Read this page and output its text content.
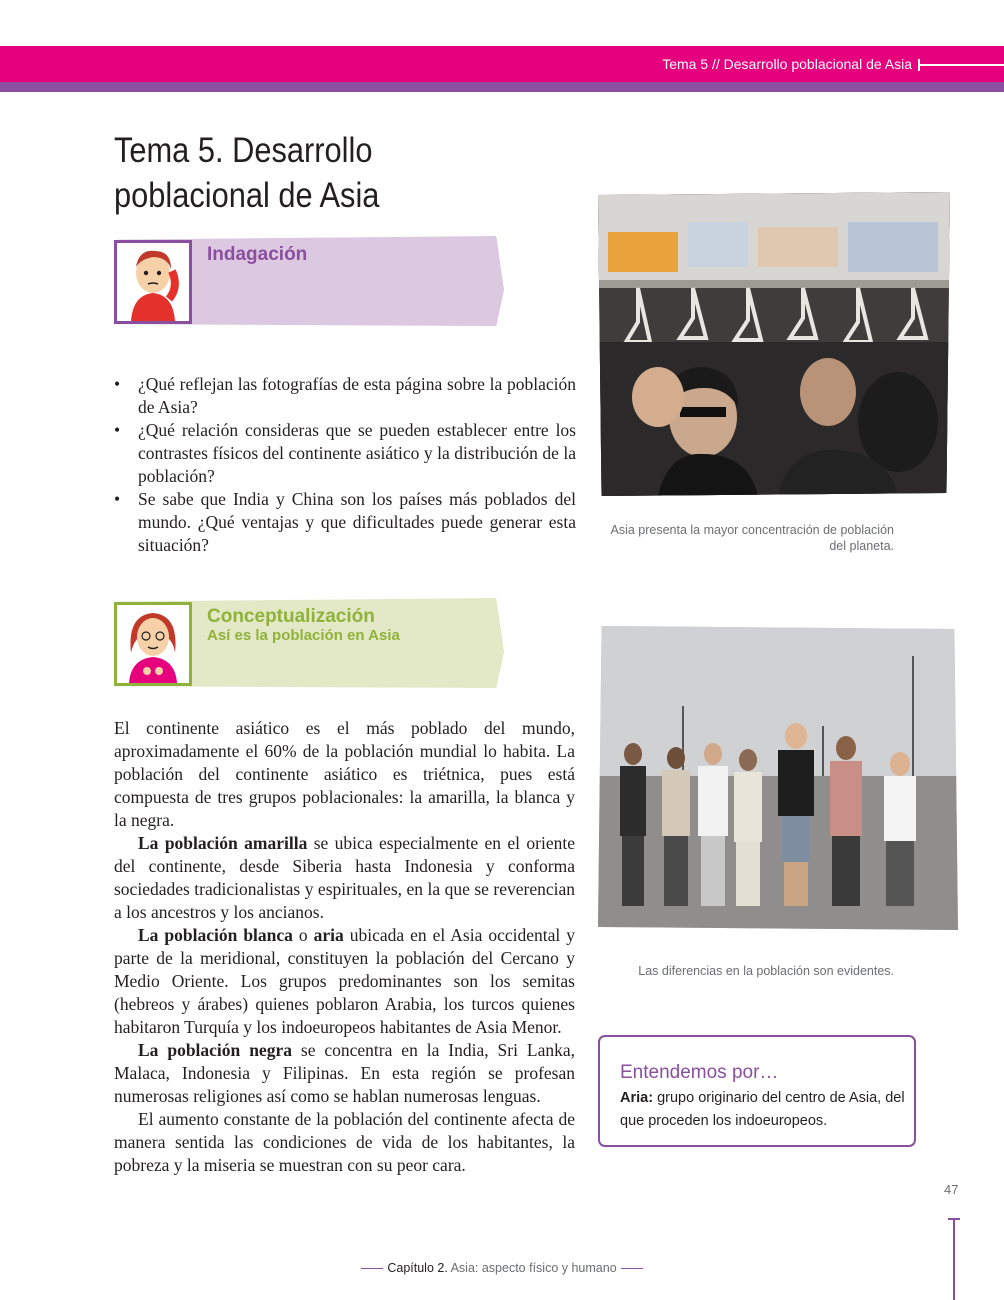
Tema 5 // Desarrollo poblacional de Asia
Tema 5. Desarrollo
poblacional de Asia
Indagación
• ¿Qué reflejan las fotografías de esta página sobre la población de Asia?
• ¿Qué relación consideras que se pueden establecer entre los contrastes físicos del continente asiático y la distribución de la población?
• Se sabe que India y China son los países más poblados del mundo. ¿Qué ventajas y que dificultades puede generar esta situación?
Conceptualización
Así es la población en Asia

El continente asiático es el más poblado del mundo, aproximadamente el 60% de la población mundial lo habita. La población del continente asiático es triétnica, pues está compuesta de tres grupos poblacionales: la amarilla, la blanca y la negra.

La población amarilla se ubica especialmente en el oriente del continente, desde Siberia hasta Indonesia y conforma sociedades tradicionalistas y espirituales, en la que se reverencian a los ancestros y los ancianos.

La población blanca o aria ubicada en el Asia occidental y parte de la meridional, constituyen la población del Cercano y Medio Oriente. Los grupos predominantes son los semitas (hebreos y árabes) quienes poblaron Arabia, los turcos quienes habitaron Turquía y los indoeuropeos habitantes de Asia Menor.

La población negra se concentra en la India, Sri Lanka, Malaca, Indonesia y Filipinas. En esta región se profesan numerosas religiones así como se hablan numerosas lenguas.

El aumento constante de la población del continente afecta de manera sentida las condiciones de vida de los habitantes, la pobreza y la miseria se muestran con su peor cara.

Asia presenta la mayor concentración de población del planeta.
Las diferencias en la población son evidentes.
Entendemos por…
Aria: grupo originario del centro de Asia, del que proceden los indoeuropeos.
47
Capítulo 2. Asia: aspecto físico y humano
